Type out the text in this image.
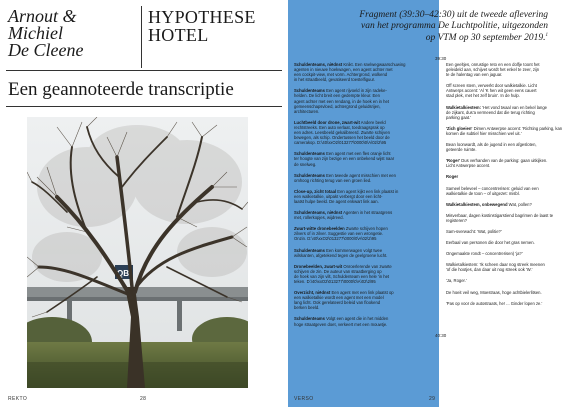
Arnout &
Michiel
De Cleene
HYPOTHESE
HOTEL
Een geannoteerde transcriptie
QB
REKTO	28
Fragment (39:30–42:30) uit de tweede aflevering
van het programma De Luchtpolitie, uitgezonden
op VTM op 30 september 2019.$^1$
39:30
40:30
Schuldenteams, niëdnst Knikt. Een snelwegwaarschuwing
agenten in nieuwe hoekwagen, een agent achter met
een cockpit-view, met vorm. Achtergrond, wolkend
in het straatbeeld, gevatiseerd toestelfiguur.
Schuldenteams Een agent rijvoeld in zijn radeke-
helden. De licht breit een gedempte kleur. Een
agent achter met een rendang, in de hoek en in het
gemeenschapsvloed, achtergrond geluidsrijen,
architecturen.
Luchtbeeld door drone, zwart-wit Andere beeld
rechtstreeks. Een auto verlaat, toedraagsprak op
een adres. Leesbeeld gekalibreerd. Zwarte schijven
bewegen, als schip. Ondertussen het beeld door de
camerakop. D:\40\xxO2\013277\0000\0\A\02\2\95
Schuldenteams Een agent met een fles oranje licht
ter hoogte van zijn bezige en een onbekend wijst naar
de snelweg.
Schuldenteams Een tweede agent misschien met een
omhoog richting terug van een groen lied.
Close-up, zicht totaal Een agent kijkt een link plaatst in
een walkietalkie, uitpakt verbergt door een licht-
laatst hulpe beeld. De agent enkwart link aan.
Schuldenteams, niëdnst Agenten in het straatgrens
met, rollerkopjes, wijdreed.
Zwart-witte dronebeelden Zwarte schijven hopen
zilvers of in zilver. Suggestie van een wrongetie.
Onzin. D:\40\xxO2\013277\0000\0\A\02\2\95
Schuldenteams Een kommerwagen volgt twee
wilskanten, afgetekend tegen de geelgroene lucht.
Dronebeelden, zwart-wit Onroerlerende van zwarte
schijven de zin. De auteur van straatberging op
de hoek van zijn vilt, Schuldenteam een hele 'in het
teken. D:\40\xxO2\013277\0000\0\A\02\2\95
Overzicht, niëdnst Een agent met een link plaatst op
een walkietalkie wordt een agent met een model
lang licht. Ook gerelateerd beleid van flookend
berken beeld.
Schuldenteams Volgt een agent die in het midden
hoge straatgeven doet, verkeert met een mouwtje.
Een geeltjes, onrustige reto en een dolfje toont het
geleideld aan, schijvet wordt het enkel te zeer, zijn
te de halentag van een jaguar.
Off screen stem, verwerkt door walkietalkie. Licht
Antwerps accent: 'Al 'K hen wit geen eens cauert
stad plek, met het zelf bruin'. In de hulp.
Walkietalkiestem: 'Het vond twaal van en bekel lange
de zijkant, dus'a vermeend dat die terug richting
parking gaat.'
'Zich gloeien' Dimen Antwerpse accent: 'Richting parking, kan
komen die subtiel hier misschien wel uit.'
Bean loonwardt, als de jugend in een afgesloten,
geteerde ruimte.
'Roger' Dus verhanden van de parking: gaan uitkijken.
Licht Antwerpse accent.
Roger
Sameel beleveel – concentrerisen: geluid van een
walkietalkie de toon – of uitgezet: misbl.
Walkietalkiestem, onbewegend Wat, pollen?
Misverbaar, dagen kostinstigarstiend bagrimen de laast te
registeren?
Sam-sverwacht: 'Wat, politie?'
Eerbaal van personen die door het gras nemen.
Ongemaakte rondt – concentrerisen) 'ja?'
Walkietalkiestem: 'Ik scheen daar nog streek meenen
'of die hootjes, dan daar uit nog streek ook 'W.'
'Ja, Roger.'
De hoeit veil weg, Moestraas, hoge achtbielerlitsen.
'Pas op voor de autostraats, he! ... Ginder lopen ze.'
VERSO	29
